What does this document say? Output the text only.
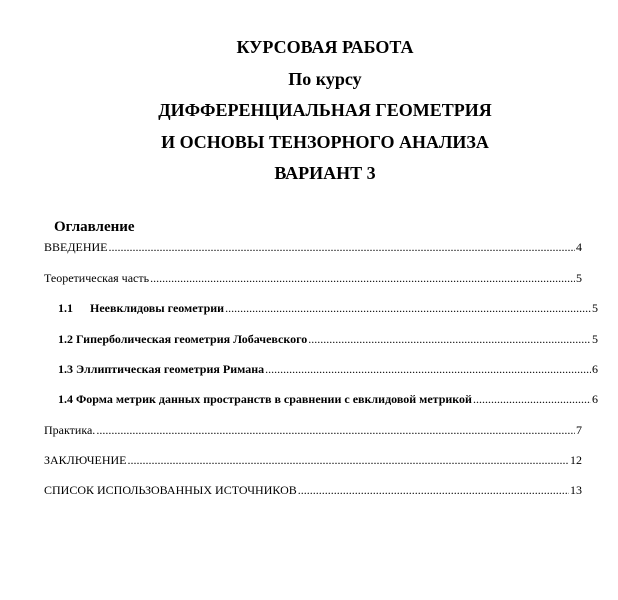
КУРСОВАЯ РАБОТА
По курсу
ДИФФЕРЕНЦИАЛЬНАЯ ГЕОМЕТРИЯ
И ОСНОВЫ ТЕНЗОРНОГО АНАЛИЗА
ВАРИАНТ 3
Оглавление
ВВЕДЕНИЕ .....	4
Теоретическая часть .....	5
1.1 Неевклидовы геометрии .....	5
1.2 Гиперболическая геометрия Лобачевского .....	5
1.3 Эллиптическая геометрия Римана .....	6
1.4 Форма метрик данных пространств в сравнении с евклидовой метрикой .....	6
Практика. .....	7
ЗАКЛЮЧЕНИЕ .....	12
СПИСОК ИСПОЛЬЗОВАННЫХ ИСТОЧНИКОВ .....	13
